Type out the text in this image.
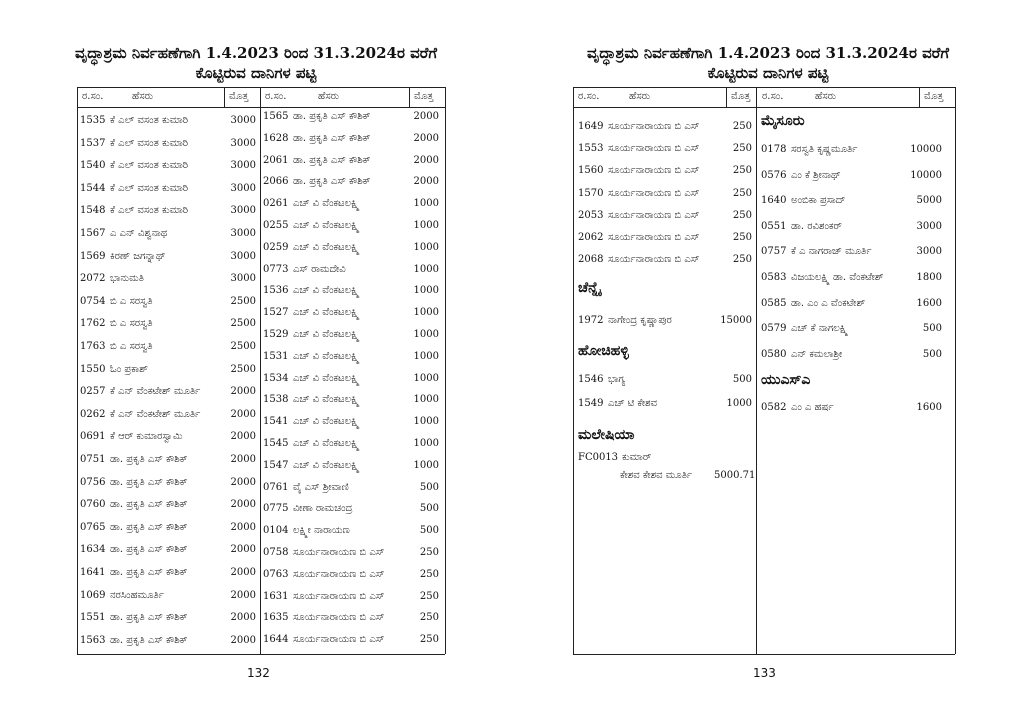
ವೃದ್ಧಾಶ್ರಮ ನಿರ್ವಹಣೆಗಾಗಿ 1.4.2023 ರಿಂದ 31.3.2024ರ ವರೆಗೆ
ಕೊಟ್ಟಿರುವ ದಾನಿಗಳ ಪಟ್ಟಿ
ರ.ಸಂ.	ಹೆಸರು	ಮೊತ್ತ ರ.ಸಂ.	ಹೆಸರು	ಮೊತ್ತ
1535 ಕೆ ಎಲ್ ವಸಂತ ಕುಮಾರಿ	3000
1537 ಕೆ ಎಲ್ ವಸಂತ ಕುಮಾರಿ	3000
1540 ಕೆ ಎಲ್ ವಸಂತ ಕುಮಾರಿ	3000
1544 ಕೆ ಎಲ್ ವಸಂತ ಕುಮಾರಿ	3000
1548 ಕೆ ಎಲ್ ವಸಂತ ಕುಮಾರಿ	3000
1567 ಎ ಎನ್ ವಿಶ್ವನಾಥ	3000
1569 ಕಿರಣ್ ಜಗನ್ನಾಥ್	3000
2072 ಭಾನುಮತಿ	3000
0754 ಬಿ ಎ ಸರಸ್ವತಿ	2500
1762 ಬಿ ಎ ಸರಸ್ವತಿ	2500
1763 ಬಿ ಎ ಸರಸ್ವತಿ	2500
1550 ಓಂ ಪ್ರಕಾಶ್	2500
0257 ಕೆ ಎನ್ ವೆಂಕಟೇಶ್ ಮೂರ್ತಿ	2000
0262 ಕೆ ಎನ್ ವೆಂಕಟೇಶ್ ಮೂರ್ತಿ	2000
0691 ಕೆ ಆರ್ ಕುಮಾರಸ್ವಾಮಿ	2000
0751 ಡಾ. ಪ್ರಕೃತಿ ಎಸ್ ಕೌಶಿಕ್	2000
0756 ಡಾ. ಪ್ರಕೃತಿ ಎಸ್ ಕೌಶಿಕ್	2000
0760 ಡಾ. ಪ್ರಕೃತಿ ಎಸ್ ಕೌಶಿಕ್	2000
0765 ಡಾ. ಪ್ರಕೃತಿ ಎಸ್ ಕೌಶಿಕ್	2000
1634 ಡಾ. ಪ್ರಕೃತಿ ಎಸ್ ಕೌಶಿಕ್	2000
1641 ಡಾ. ಪ್ರಕೃತಿ ಎಸ್ ಕೌಶಿಕ್	2000
1069 ನರಸಿಂಹಮೂರ್ತಿ	2000
1551 ಡಾ. ಪ್ರಕೃತಿ ಎಸ್ ಕೌಶಿಕ್	2000
1563 ಡಾ. ಪ್ರಕೃತಿ ಎಸ್ ಕೌಶಿಕ್	2000
1565 ಡಾ. ಪ್ರಕೃತಿ ಎಸ್ ಕೌಶಿಕ್	2000
1628 ಡಾ. ಪ್ರಕೃತಿ ಎಸ್ ಕೌಶಿಕ್	2000
2061 ಡಾ. ಪ್ರಕೃತಿ ಎಸ್ ಕೌಶಿಕ್	2000
2066 ಡಾ. ಪ್ರಕೃತಿ ಎಸ್ ಕೌಶಿಕ್	2000
0261 ಎಚ್ ವಿ ವೆಂಕಟಲಕ್ಷ್ಮಿ	1000
0255 ಎಚ್ ವಿ ವೆಂಕಟಲಕ್ಷ್ಮಿ	1000
0259 ಎಚ್ ವಿ ವೆಂಕಟಲಕ್ಷ್ಮಿ	1000
0773 ಎಸ್ ರಾಮದೇವಿ	1000
1536 ಎಚ್ ವಿ ವೆಂಕಟಲಕ್ಷ್ಮಿ	1000
1527 ಎಚ್ ವಿ ವೆಂಕಟಲಕ್ಷ್ಮಿ	1000
1529 ಎಚ್ ವಿ ವೆಂಕಟಲಕ್ಷ್ಮಿ	1000
1531 ಎಚ್ ವಿ ವೆಂಕಟಲಕ್ಷ್ಮಿ	1000
1534 ಎಚ್ ವಿ ವೆಂಕಟಲಕ್ಷ್ಮಿ	1000
1538 ಎಚ್ ವಿ ವೆಂಕಟಲಕ್ಷ್ಮಿ	1000
1541 ಎಚ್ ವಿ ವೆಂಕಟಲಕ್ಷ್ಮಿ	1000
1545 ಎಚ್ ವಿ ವೆಂಕಟಲಕ್ಷ್ಮಿ	1000
1547 ಎಚ್ ವಿ ವೆಂಕಟಲಕ್ಷ್ಮಿ	1000
0761 ವೈ ಎಸ್ ಶ್ರೀವಾಣಿ	500
0775 ವೀಣಾ ರಾಮಚಂದ್ರ	500
0104 ಲಕ್ಷ್ಮೀ ನಾರಾಯಣ	500
0758 ಸೂರ್ಯನಾರಾಯಣ ಬಿ ಎಸ್	250
0763 ಸೂರ್ಯನಾರಾಯಣ ಬಿ ಎಸ್	250
1631 ಸೂರ್ಯನಾರಾಯಣ ಬಿ ಎಸ್	250
1635 ಸೂರ್ಯನಾರಾಯಣ ಬಿ ಎಸ್	250
1644 ಸೂರ್ಯನಾರಾಯಣ ಬಿ ಎಸ್	250
132
ವೃದ್ಧಾಶ್ರಮ ನಿರ್ವಹಣೆಗಾಗಿ 1.4.2023 ರಿಂದ 31.3.2024ರ ವರೆಗೆ
ಕೊಟ್ಟಿರುವ ದಾನಿಗಳ ಪಟ್ಟಿ
ರ.ಸಂ.	ಹೆಸರು	ಮೊತ್ತ ರ.ಸಂ.	ಹೆಸರು	ಮೊತ್ತ
1649 ಸೂರ್ಯನಾರಾಯಣ ಬಿ ಎಸ್	250
1553 ಸೂರ್ಯನಾರಾಯಣ ಬಿ ಎಸ್	250
1560 ಸೂರ್ಯನಾರಾಯಣ ಬಿ ಎಸ್	250
1570 ಸೂರ್ಯನಾರಾಯಣ ಬಿ ಎಸ್	250
2053 ಸೂರ್ಯನಾರಾಯಣ ಬಿ ಎಸ್	250
2062 ಸೂರ್ಯನಾರಾಯಣ ಬಿ ಎಸ್	250
2068 ಸೂರ್ಯನಾರಾಯಣ ಬಿ ಎಸ್	250
ಚೆನ್ನೈ
1972 ನಾಗೇಂದ್ರ ಕೃಷ್ಣಾಪುರ	15000
ಹೋಚಿಹಳ್ಳಿ
1546 ಭಾಗ್ಯ	500
1549 ಎಚ್ ಟಿ ಕೇಶವ	1000
ಮಲೇಷಿಯಾ
FC0013 ಕುಮಾರ್
ಕೇಶವ ಕೇಶವ ಮೂರ್ತಿ 5000.71
ಮೈಸೂರು
0178 ಸರಸ್ವತಿ ಕೃಷ್ಣಮೂರ್ತಿ	10000
0576 ಎಂ ಕೆ ಶ್ರೀನಾಥ್	10000
1640 ಅಂಬಿಕಾ ಪ್ರಸಾದ್	5000
0551 ಡಾ. ರವಿಶಂಕರ್	3000
0757 ಕೆ ಎ ನಾಗರಾಜ್ ಮೂರ್ತಿ	3000
0583 ವಿಜಯಲಕ್ಷ್ಮಿ ಡಾ. ವೆಂಕಟೇಶ್	1800
0585 ಡಾ. ಎಂ ಎ ವೆಂಕಟೇಶ್	1600
0579 ಎಚ್ ಕೆ ನಾಗಲಕ್ಷ್ಮಿ	500
0580 ಎನ್ ಕಮಲಾಶ್ರೀ	500
ಯುಎಸ್ಎ
0582 ಎಂ ಎ ಹರ್ಷ	1600
133
